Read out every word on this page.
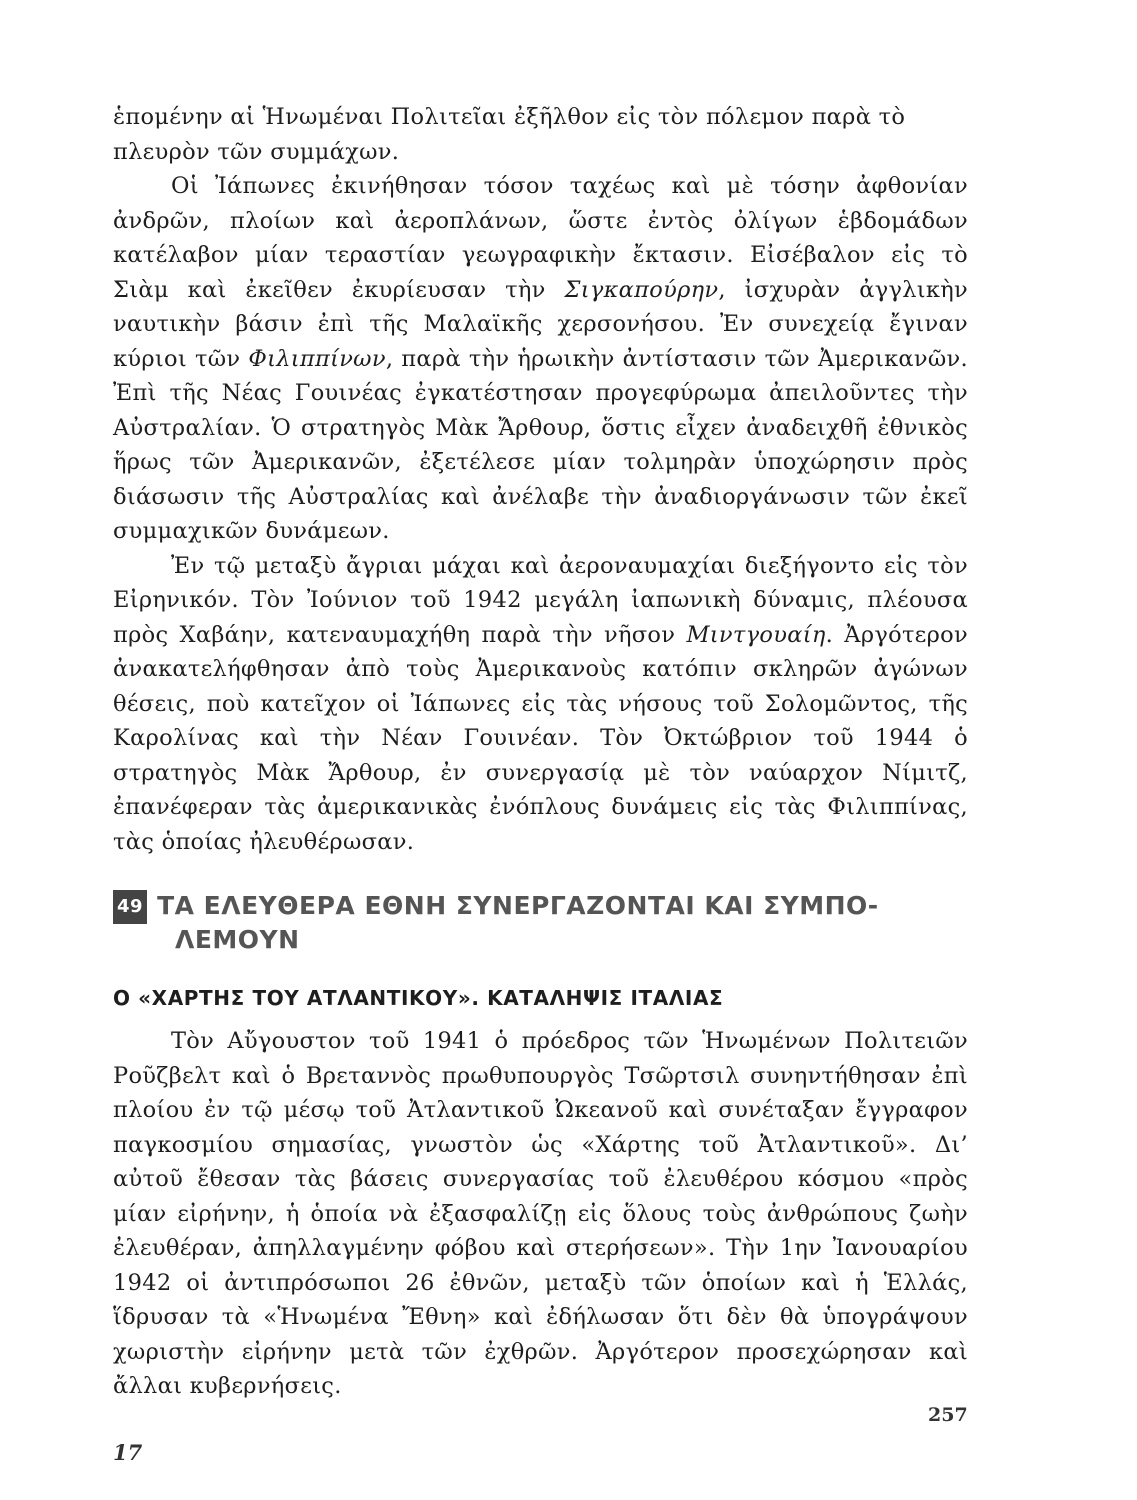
ἑπομένην αἱ Ἡνωμέναι Πολιτεῖαι ἐξῆλθον εἰς τὸν πόλεμον παρὰ τὸ
πλευρὸν τῶν συμμάχων.

Οἱ Ἰάπωνες ἐκινήθησαν τόσον ταχέως καὶ μὲ τόσην ἀφθονίαν ἀνδρῶν, πλοίων καὶ ἀεροπλάνων, ὥστε ἐντὸς ὀλίγων ἑβδομάδων κατέλαβον μίαν τεραστίαν γεωγραφικὴν ἔκτασιν. Εἰσέβαλον εἰς τὸ Σιὰμ καὶ ἐκεῖθεν ἐκυρίευσαν τὴν Σιγκαπούρην, ἰσχυρὰν ἀγγλικὴν ναυτικὴν βάσιν ἐπὶ τῆς Μαλαϊκῆς χερσονήσου. Ἐν συνεχείᾳ ἔγιναν κύριοι τῶν Φιλιππίνων, παρὰ τὴν ἡρωικὴν ἀντίστασιν τῶν Ἀμερικανῶν. Ἐπὶ τῆς Νέας Γουινέας ἐγκατέστησαν προγεφύρωμα ἀπειλοῦντες τὴν Αὐστραλίαν. Ὁ στρατηγὸς Μὰκ Ἄρθουρ, ὅστις εἶχεν ἀναδειχθῆ ἐθνικὸς ἥρως τῶν Ἀμερικανῶν, ἐξετέλεσε μίαν τολμηρὰν ὑποχώρησιν πρὸς διάσωσιν τῆς Αὐστραλίας καὶ ἀνέλαβε τὴν ἀναδιοργάνωσιν τῶν ἐκεῖ συμμαχικῶν δυνάμεων.

Ἐν τῷ μεταξὺ ἄγριαι μάχαι καὶ ἀεροναυμαχίαι διεξήγοντο εἰς τὸν Εἰρηνικόν. Τὸν Ἰούνιον τοῦ 1942 μεγάλη ἰαπωνικὴ δύναμις, πλέουσα πρὸς Χαβάην, κατεναυμαχήθη παρὰ τὴν νῆσον Μιντγουαίη. Ἀργότερον ἀνακατελήφθησαν ἀπὸ τοὺς Ἀμερικανοὺς κατόπιν σκληρῶν ἀγώνων θέσεις, ποὺ κατεῖχον οἱ Ἰάπωνες εἰς τὰς νήσους τοῦ Σολομῶντος, τῆς Καρολίνας καὶ τὴν Νέαν Γουινέαν. Τὸν Ὀκτώβριον τοῦ 1944 ὁ στρατηγὸς Μὰκ Ἄρθουρ, ἐν συνεργασίᾳ μὲ τὸν ναύαρχον Νίμιτζ, ἐπανέφεραν τὰς ἀμερικανικὰς ἐνόπλους δυνάμεις εἰς τὰς Φιλιππίνας, τὰς ὁποίας ἠλευθέρωσαν.

49 ΤΑ ΕΛΕΥΘΕΡΑ ΕΘΝΗ ΣΥΝΕΡΓΑΖΟΝΤΑΙ ΚΑΙ ΣΥΜΠΟ-
ΛΕΜΟΥΝ
Ο «ΧΑΡΤΗΣ ΤΟΥ ΑΤΛΑΝΤΙΚΟΥ». ΚΑΤΑΛΗΨΙΣ ΙΤΑΛΙΑΣ

Τὸν Αὔγουστον τοῦ 1941 ὁ πρόεδρος τῶν Ἡνωμένων Πολιτειῶν Ροῦζβελτ καὶ ὁ Βρεταννὸς πρωθυπουργὸς Τσῶρτσιλ συνηντήθησαν ἐπὶ πλοίου ἐν τῷ μέσῳ τοῦ Ἀτλαντικοῦ Ὠκεανοῦ καὶ συνέταξαν ἔγγραφον παγκοσμίου σημασίας, γνωστὸν ὡς «Χάρτης τοῦ Ἀτλαντικοῦ». Δι’ αὐτοῦ ἔθεσαν τὰς βάσεις συνεργασίας τοῦ ἐλευθέρου κόσμου «πρὸς μίαν εἰρήνην, ἡ ὁποία νὰ ἐξασφαλίζῃ εἰς ὅλους τοὺς ἀνθρώπους ζωὴν ἐλευθέραν, ἀπηλλαγμένην φόβου καὶ στερήσεων». Τὴν 1ην Ἰανουαρίου 1942 οἱ ἀντιπρόσωποι 26 ἐθνῶν, μεταξὺ τῶν ὁποίων καὶ ἡ Ἑλλάς, ἵδρυσαν τὰ «Ἡνωμένα Ἔθνη» καὶ ἐδήλωσαν ὅτι δὲν θὰ ὑπογράψουν χωριστὴν εἰρήνην μετὰ τῶν ἐχθρῶν. Ἀργότερον προσεχώρησαν καὶ ἄλλαι κυβερνήσεις.

257
17
